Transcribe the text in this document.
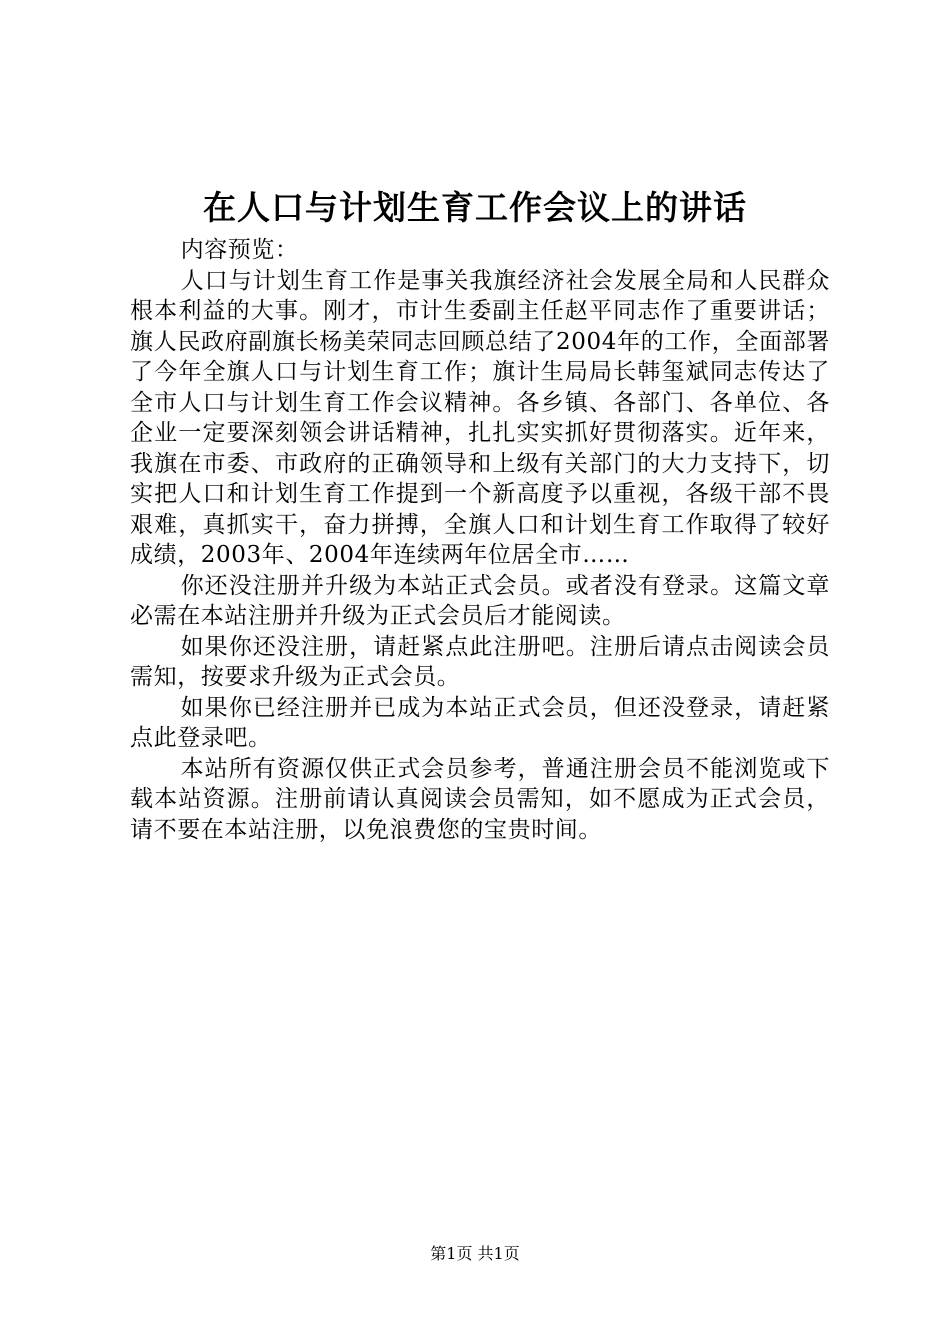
在人口与计划生育工作会议上的讲话

内容预览：

人口与计划生育工作是事关我旗经济社会发展全局和人民群众根本利益的大事。刚才，市计生委副主任赵平同志作了重要讲话；旗人民政府副旗长杨美荣同志回顾总结了2004年的工作，全面部署了今年全旗人口与计划生育工作；旗计生局局长韩玺斌同志传达了全市人口与计划生育工作会议精神。各乡镇、各部门、各单位、各企业一定要深刻领会讲话精神，扎扎实实抓好贯彻落实。近年来，我旗在市委、市政府的正确领导和上级有关部门的大力支持下，切实把人口和计划生育工作提到一个新高度予以重视，各级干部不畏艰难，真抓实干，奋力拼搏，全旗人口和计划生育工作取得了较好成绩，2003年、2004年连续两年位居全市……

你还没注册并升级为本站正式会员。或者没有登录。这篇文章必需在本站注册并升级为正式会员后才能阅读。

如果你还没注册，请赶紧点此注册吧。注册后请点击阅读会员需知，按要求升级为正式会员。

如果你已经注册并已成为本站正式会员，但还没登录，请赶紧点此登录吧。

本站所有资源仅供正式会员参考，普通注册会员不能浏览或下载本站资源。注册前请认真阅读会员需知，如不愿成为正式会员，请不要在本站注册，以免浪费您的宝贵时间。

第1页 共1页
